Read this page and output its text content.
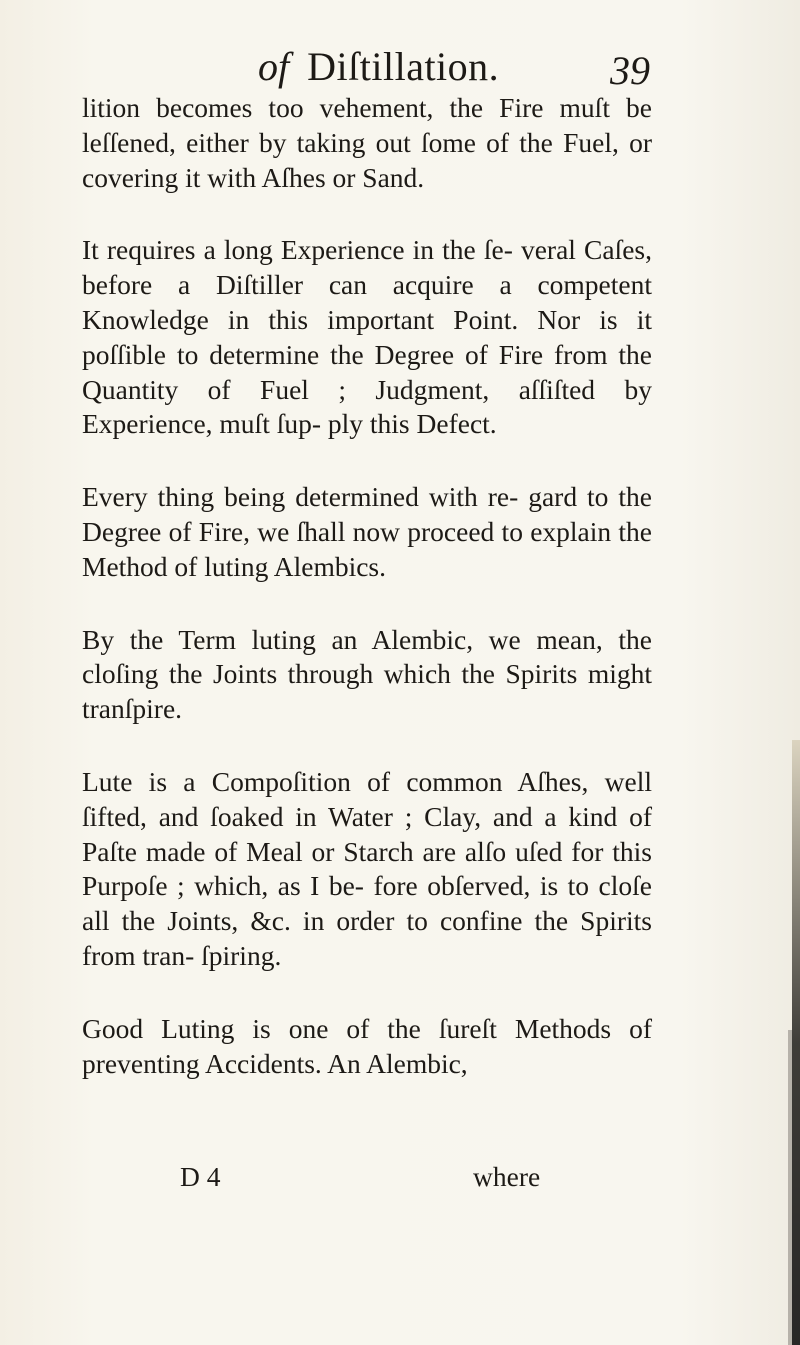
of Diſtillation.	39

lition becomes too vehement, the Fire muſt be leſſened, either by taking out ſome of the Fuel, or covering it with Aſhes or Sand.

It requires a long Experience in the ſe- veral Caſes, before a Diſtiller can acquire a competent Knowledge in this important Point. Nor is it poſſible to determine the Degree of Fire from the Quantity of Fuel ; Judgment, aſſiſted by Experience, muſt ſup- ply this Defect.

Every thing being determined with re- gard to the Degree of Fire, we ſhall now proceed to explain the Method of luting Alembics.

By the Term luting an Alembic, we mean, the cloſing the Joints through which the Spirits might tranſpire.

Lute is a Compoſition of common Aſhes, well ſifted, and ſoaked in Water ; Clay, and a kind of Paſte made of Meal or Starch are alſo uſed for this Purpoſe ; which, as I be- fore obſerved, is to cloſe all the Joints, &c. in order to confine the Spirits from tran- ſpiring.

Good Luting is one of the ſureſt Methods of preventing Accidents. An Alembic,

D 4	where
